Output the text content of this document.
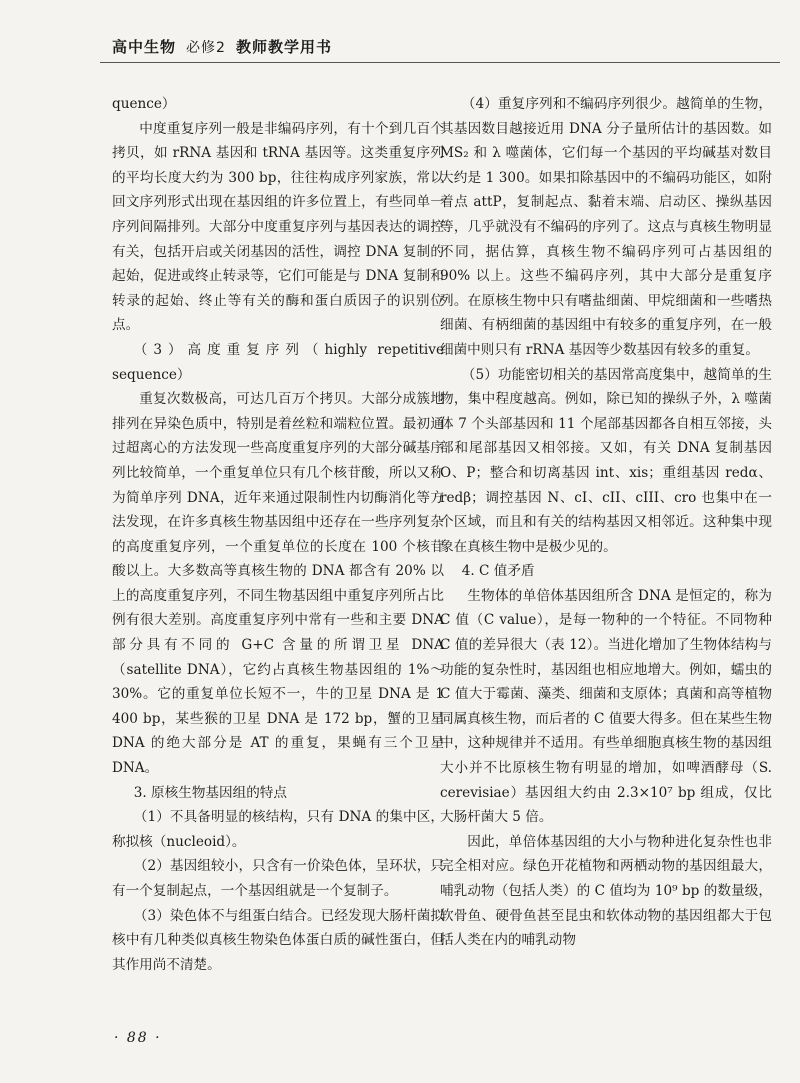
高中生物 必修2 教师教学用书

quence）

中度重复序列一般是非编码序列，有十个到几百个拷贝，如 rRNA 基因和 tRNA 基因等。这类重复序列的平均长度大约为 300 bp，往往构成序列家族，常以回文序列形式出现在基因组的许多位置上，有些同单一序列间隔排列。大部分中度重复序列与基因表达的调控有关，包括开启或关闭基因的活性，调控 DNA 复制的起始，促进或终止转录等，它们可能是与 DNA 复制和转录的起始、终止等有关的酶和蛋白质因子的识别位点。

（3）高度重复序列（highly repetitive sequence）

重复次数极高，可达几百万个拷贝。大部分成簇地排列在异染色质中，特别是着丝粒和端粒位置。最初通过超离心的方法发现一些高度重复序列的大部分碱基序列比较简单，一个重复单位只有几个核苷酸，所以又称为简单序列 DNA，近年来通过限制性内切酶消化等方法发现，在许多真核生物基因组中还存在一些序列复杂的高度重复序列，一个重复单位的长度在 100 个核苷酸以上。大多数高等真核生物的 DNA 都含有 20% 以上的高度重复序列，不同生物基因组中重复序列所占比例有很大差别。高度重复序列中常有一些和主要 DNA 部分具有不同的 G+C 含量的所谓卫星 DNA（satellite DNA），它约占真核生物基因组的 1%～30%。它的重复单位长短不一，牛的卫星 DNA 是 1 400 bp，某些猴的卫星 DNA 是 172 bp，蟹的卫星 DNA 的绝大部分是 AT 的重复，果蝇有三个卫星 DNA。

3. 原核生物基因组的特点

（1）不具备明显的核结构，只有 DNA 的集中区，称拟核（nucleoid）。

（2）基因组较小，只含有一价染色体，呈环状，只有一个复制起点，一个基因组就是一个复制子。

（3）染色体不与组蛋白结合。已经发现大肠杆菌拟核中有几种类似真核生物染色体蛋白质的碱性蛋白，但其作用尚不清楚。

（4）重复序列和不编码序列很少。越简单的生物，其基因数目越接近用 DNA 分子量所估计的基因数。如 MS₂ 和 λ 噬菌体，它们每一个基因的平均碱基对数目大约是 1 300。如果扣除基因中的不编码功能区，如附着点 attP，复制起点、黏着末端、启动区、操纵基因等，几乎就没有不编码的序列了。这点与真核生物明显不同，据估算，真核生物不编码序列可占基因组的 90% 以上。这些不编码序列，其中大部分是重复序列。在原核生物中只有嗜盐细菌、甲烷细菌和一些嗜热细菌、有柄细菌的基因组中有较多的重复序列，在一般细菌中则只有 rRNA 基因等少数基因有较多的重复。

（5）功能密切相关的基因常高度集中，越简单的生物，集中程度越高。例如，除已知的操纵子外，λ 噬菌体 7 个头部基因和 11 个尾部基因都各自相互邻接，头部和尾部基因又相邻接。又如，有关 DNA 复制基因 O、P；整合和切离基因 int、xis；重组基因 redα、redβ；调控基因 N、cI、cII、cIII、cro 也集中在一个区域，而且和有关的结构基因又相邻近。这种集中现象在真核生物中是极少见的。

4. C 值矛盾

生物体的单倍体基因组所含 DNA 是恒定的，称为 C 值（C value），是每一物种的一个特征。不同物种 C 值的差异很大（表 12）。当进化增加了生物体结构与功能的复杂性时，基因组也相应地增大。例如，蠕虫的 C 值大于霉菌、藻类、细菌和支原体；真菌和高等植物同属真核生物，而后者的 C 值要大得多。但在某些生物中，这种规律并不适用。有些单细胞真核生物的基因组大小并不比原核生物有明显的增加，如啤酒酵母（S. cerevisiae）基因组大约由 2.3×10⁷ bp 组成，仅比大肠杆菌大 5 倍。

因此，单倍体基因组的大小与物种进化复杂性也非完全相对应。绿色开花植物和两栖动物的基因组最大，哺乳动物（包括人类）的 C 值均为 10⁹ bp 的数量级，软骨鱼、硬骨鱼甚至昆虫和软体动物的基因组都大于包括人类在内的哺乳动物

· 88 ·
